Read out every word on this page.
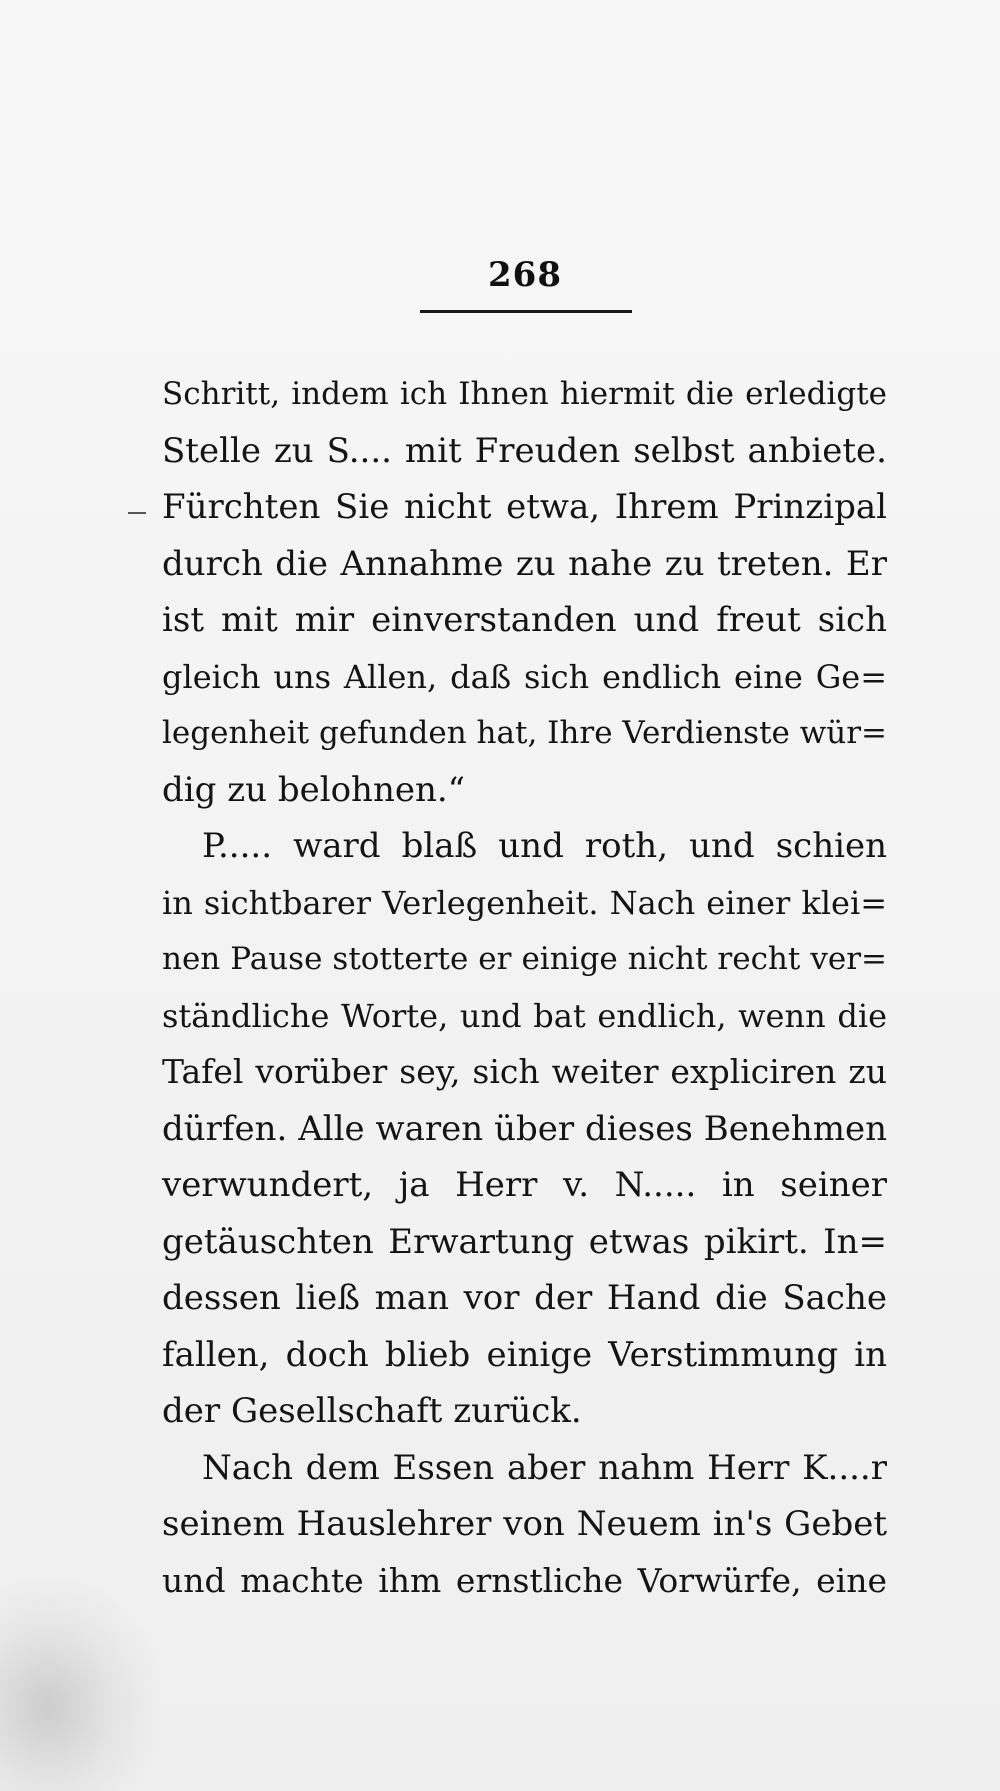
268
Schritt, indem ich Ihnen hiermit die erledigte
Stelle zu S.... mit Freuden selbst anbiete.
Fürchten Sie nicht etwa, Ihrem Prinzipal
durch die Annahme zu nahe zu treten. Er
ist mit mir einverstanden und freut sich
gleich uns Allen, daß sich endlich eine Ge=
legenheit gefunden hat, Ihre Verdienste wür=
dig zu belohnen.“
P..... ward blaß und roth, und schien
in sichtbarer Verlegenheit. Nach einer klei=
nen Pause stotterte er einige nicht recht ver=
ständliche Worte, und bat endlich, wenn die
Tafel vorüber sey, sich weiter expliciren zu
dürfen. Alle waren über dieses Benehmen
verwundert, ja Herr v. N..... in seiner
getäuschten Erwartung etwas pikirt. In=
dessen ließ man vor der Hand die Sache
fallen, doch blieb einige Verstimmung in
der Gesellschaft zurück.
Nach dem Essen aber nahm Herr K....r
seinem Hauslehrer von Neuem in's Gebet
und machte ihm ernstliche Vorwürfe, eine
